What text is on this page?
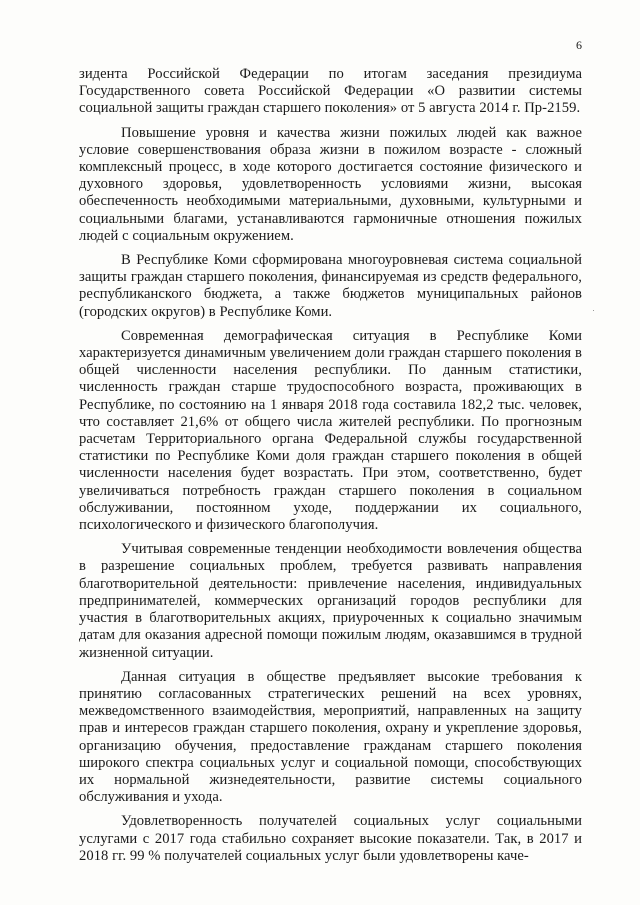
6

зидента Российской Федерации по итогам заседания президиума Государственного совета Российской Федерации «О развитии системы социальной защиты граждан старшего поколения» от 5 августа 2014 г. Пр-2159.

Повышение уровня и качества жизни пожилых людей как важное условие совершенствования образа жизни в пожилом возрасте - сложный комплексный процесс, в ходе которого достигается состояние физического и духовного здоровья, удовлетворенность условиями жизни, высокая обеспеченность необходимыми материальными, духовными, культурными и социальными благами, устанавливаются гармоничные отношения пожилых людей с социальным окружением.

В Республике Коми сформирована многоуровневая система социальной защиты граждан старшего поколения, финансируемая из средств федерального, республиканского бюджета, а также бюджетов муниципальных районов (городских округов) в Республике Коми.

Современная демографическая ситуация в Республике Коми характеризуется динамичным увеличением доли граждан старшего поколения в общей численности населения республики. По данным статистики, численность граждан старше трудоспособного возраста, проживающих в Республике, по состоянию на 1 января 2018 года составила 182,2 тыс. человек, что составляет 21,6% от общего числа жителей республики. По прогнозным расчетам Территориального органа Федеральной службы государственной статистики по Республике Коми доля граждан старшего поколения в общей численности населения будет возрастать. При этом, соответственно, будет увеличиваться потребность граждан старшего поколения в социальном обслуживании, постоянном уходе, поддержании их социального, психологического и физического благополучия.

Учитывая современные тенденции необходимости вовлечения общества в разрешение социальных проблем, требуется развивать направления благотворительной деятельности: привлечение населения, индивидуальных предпринимателей, коммерческих организаций городов республики для участия в благотворительных акциях, приуроченных к социально значимым датам для оказания адресной помощи пожилым людям, оказавшимся в трудной жизненной ситуации.

Данная ситуация в обществе предъявляет высокие требования к принятию согласованных стратегических решений на всех уровнях, межведомственного взаимодействия, мероприятий, направленных на защиту прав и интересов граждан старшего поколения, охрану и укрепление здоровья, организацию обучения, предоставление гражданам старшего поколения широкого спектра социальных услуг и социальной помощи, способствующих их нормальной жизнедеятельности, развитие системы социального обслуживания и ухода.

Удовлетворенность получателей социальных услуг социальными услугами с 2017 года стабильно сохраняет высокие показатели. Так, в 2017 и 2018 гг. 99 % получателей социальных услуг были удовлетворены каче-
